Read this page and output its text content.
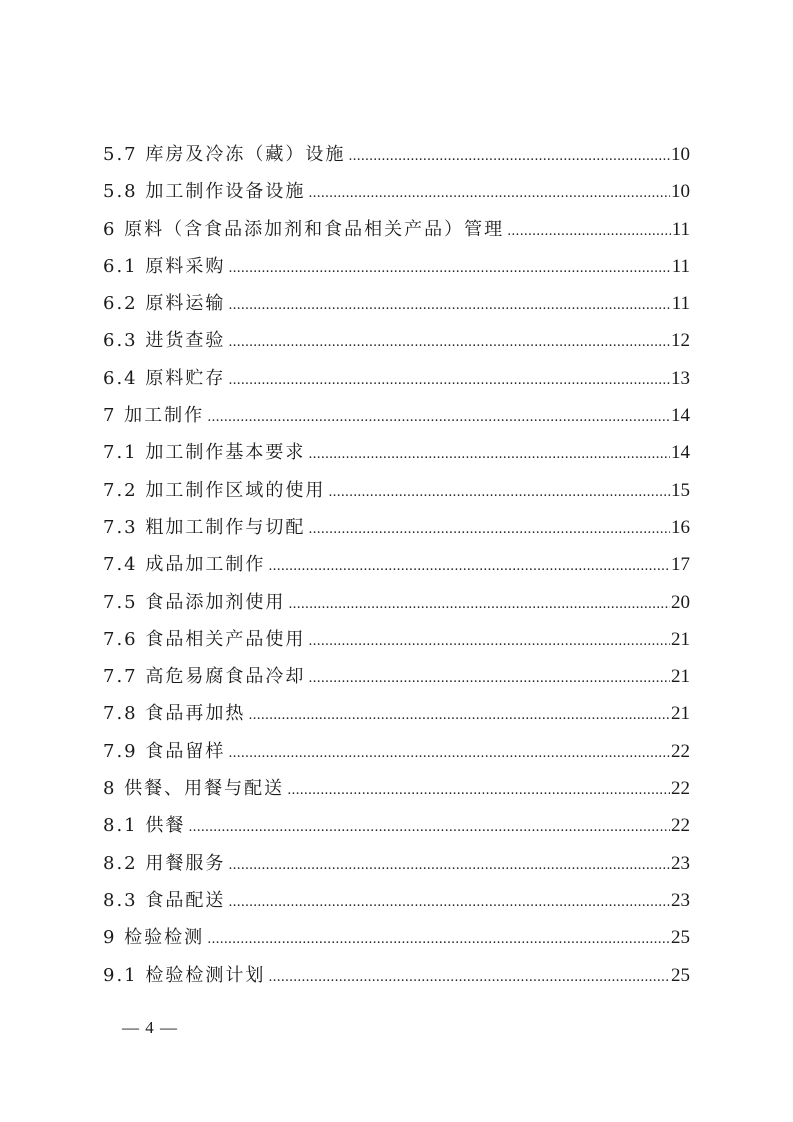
5.7 库房及冷冻（藏）设施 .....	10
5.8 加工制作设备设施 .....	10
6 原料（含食品添加剂和食品相关产品）管理 .....	11
6.1 原料采购 .....	11
6.2 原料运输 .....	11
6.3 进货查验 .....	12
6.4 原料贮存 .....	13
7 加工制作 .....	14
7.1 加工制作基本要求 .....	14
7.2 加工制作区域的使用 .....	15
7.3 粗加工制作与切配 .....	16
7.4 成品加工制作 .....	17
7.5 食品添加剂使用 .....	20
7.6 食品相关产品使用 .....	21
7.7 高危易腐食品冷却 .....	21
7.8 食品再加热 .....	21
7.9 食品留样 .....	22
8 供餐、用餐与配送 .....	22
8.1 供餐 .....	22
8.2 用餐服务 .....	23
8.3 食品配送 .....	23
9 检验检测 .....	25
9.1 检验检测计划 .....	25
— 4 —
